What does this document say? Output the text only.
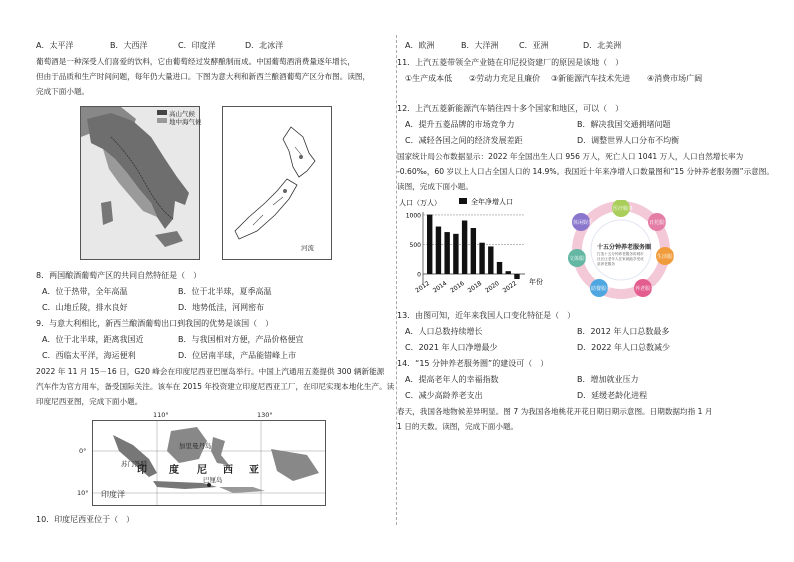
A．太平洋	B．大西洋	C．印度洋	D．北冰洋
葡萄酒是一种深受人们喜爱的饮料，它由葡萄经过发酵酿制而成。中国葡萄酒消费量逐年增长，
但由于品质和生产时间问题，每年仍大量进口。下图为意大利和新西兰酿酒葡萄产区分布图。读图，
完成下面小题。
高山气候
地中海气候
河流
8．两国酿酒葡萄产区的共同自然特征是（　）
A．位于热带，全年高温	B．位于北半球，夏季高温
C．山地丘陵，排水良好	D．地势低洼，河网密布
9．与意大利相比，新西兰酿酒葡萄出口到我国的优势是该国（　）
A．位于北半球，距离我国近	B．与我国相对方便，产品价格便宜
C．西临太平洋，海运便利	D．位居南半球，产品能错峰上市
2022 年 11 月 15－16 日，G20 峰会在印度尼西亚巴厘岛举行。中国上汽通用五菱提供 300 辆新能源
汽车作为官方用车，备受国际关注。该车在 2015 年投资建立印度尼西亚工厂，在印尼实现本地化生产。读
印度尼西亚图，完成下面小题。
110°	130°
0°
10°
苏门答腊
加里曼丹岛
巴厘岛
印度洋
印 度 尼 西 亚
10．印度尼西亚位于（　）
A．欧洲	B．大洋洲	C．亚洲	D．北美洲
11．上汽五菱带领全产业链在印尼投资建厂的原因是该地（　）
①生产成本低 ②劳动力充足且廉价 ③新能源汽车技术先进 ④消费市场广阔
12．上汽五菱新能源汽车销往四十多个国家和地区，可以（　）
A．提升五菱品牌的市场竞争力	B．解决我国交通拥堵问题
C．减轻各国之间的经济发展差距	D．调整世界人口分布不均衡
国家统计局公布数据显示：2022 年全国出生人口 956 万人，死亡人口 1041 万人，人口自然增长率为
-0.60‰，60 岁以上人口占全国人口的 14.9%。我国近十年来净增人口数量图和“15 分钟养老服务圈”示意图。
读图，完成下面小题。
人口（万人）	全年净增人口
年份
1000
500
0
2012 2014 2016 2018 2020 2022
医疗服务
日托服务
生活服务
养老服务
助餐服务
文体服务
休闲娱乐
十五分钟养老服务圈
打造十五分钟养老服务的城市社区让老年人在家就能享受优质养老服务
13．由图可知，近年来我国人口变化特征是（　）
A．人口总数持续增长	B．2012 年人口总数最多
C．2021 年人口净增最少	D．2022 年人口总数减少
14．“15 分钟养老服务圈”的建设可（　）
A．提高老年人的幸福指数	B．增加就业压力
C．减少高龄养老支出	D．延缓老龄化进程
春天，我国各地物候差异明显。图 7 为我国各地桃花开花日期日期示意图。日期数据均指 1 月
1 日的天数。读图，完成下面小题。
